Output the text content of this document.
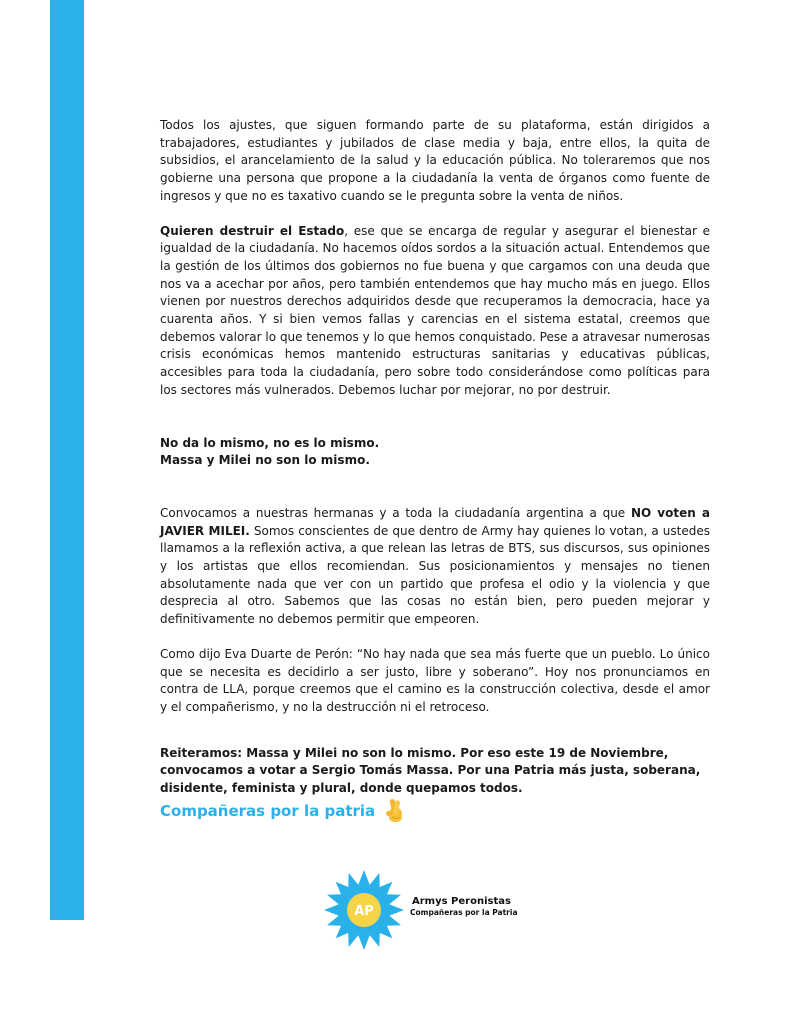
Todos los ajustes, que siguen formando parte de su plataforma, están dirigidos a trabajadores, estudiantes y jubilados de clase media y baja, entre ellos, la quita de subsidios, el arancelamiento de la salud y la educación pública. No toleraremos que nos gobierne una persona que propone a la ciudadanía la venta de órganos como fuente de ingresos y que no es taxativo cuando se le pregunta sobre la venta de niños.

Quieren destruir el Estado, ese que se encarga de regular y asegurar el bienestar e igualdad de la ciudadanía. No hacemos oídos sordos a la situación actual. Entendemos que la gestión de los últimos dos gobiernos no fue buena y que cargamos con una deuda que nos va a acechar por años, pero también entendemos que hay mucho más en juego. Ellos vienen por nuestros derechos adquiridos desde que recuperamos la democracia, hace ya cuarenta años. Y si bien vemos fallas y carencias en el sistema estatal, creemos que debemos valorar lo que tenemos y lo que hemos conquistado. Pese a atravesar numerosas crisis económicas hemos mantenido estructuras sanitarias y educativas públicas, accesibles para toda la ciudadanía, pero sobre todo considerándose como políticas para los sectores más vulnerados. Debemos luchar por mejorar, no por destruir.

No da lo mismo, no es lo mismo.

Massa y Milei no son lo mismo.

Convocamos a nuestras hermanas y a toda la ciudadanía argentina a que NO voten a JAVIER MILEI. Somos conscientes de que dentro de Army hay quienes lo votan, a ustedes llamamos a la reflexión activa, a que relean las letras de BTS, sus discursos, sus opiniones y los artistas que ellos recomiendan. Sus posicionamientos y mensajes no tienen absolutamente nada que ver con un partido que profesa el odio y la violencia y que desprecia al otro. Sabemos que las cosas no están bien, pero pueden mejorar y definitivamente no debemos permitir que empeoren.

Como dijo Eva Duarte de Perón: “No hay nada que sea más fuerte que un pueblo. Lo único que se necesita es decidirlo a ser justo, libre y soberano”. Hoy nos pronunciamos en contra de LLA, porque creemos que el camino es la construcción colectiva, desde el amor y el compañerismo, y no la destrucción ni el retroceso.

Reiteramos: Massa y Milei no son lo mismo. Por eso este 19 de Noviembre, convocamos a votar a Sergio Tomás Massa. Por una Patria más justa, soberana, disidente, feminista y plural, donde quepamos todos.

Compañeras por la patria
AP
Armys Peronistas
Compañeras por la Patria
